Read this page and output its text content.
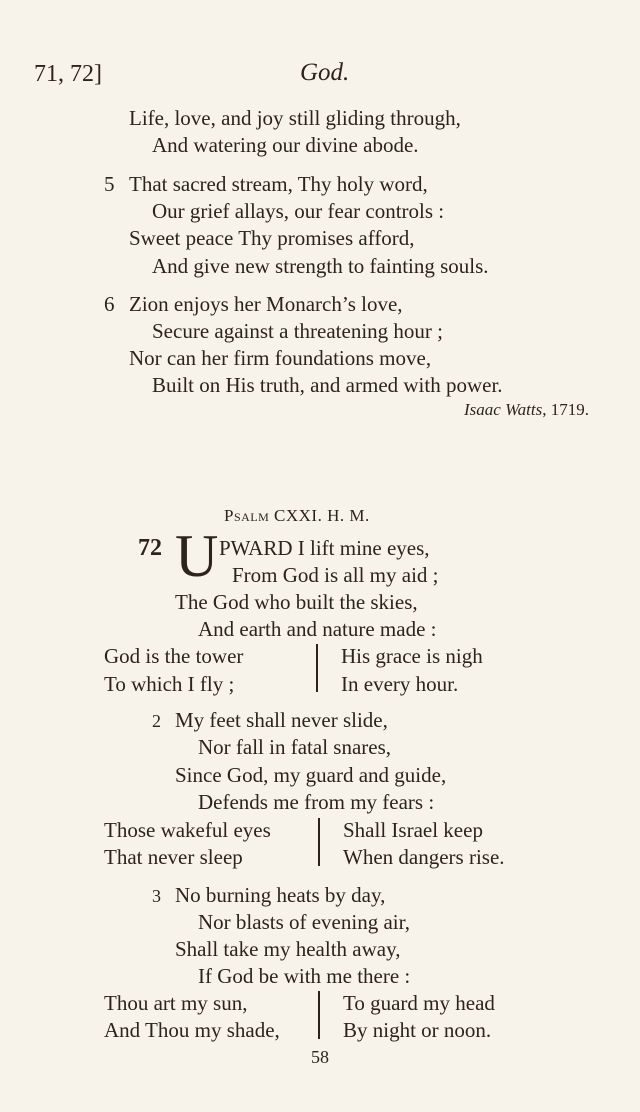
71, 72]	God.
Life, love, and joy still gliding through,
And watering our divine abode.
5 That sacred stream, Thy holy word,
Our grief allays, our fear controls :
Sweet peace Thy promises afford,
And give new strength to fainting souls.
6 Zion enjoys her Monarch’s love,
Secure against a threatening hour ;
Nor can her firm foundations move,
Built on His truth, and armed with power.
Isaac Watts, 1719.
Psalm CXXI. H. M.
72 U PWARD I lift mine eyes,
From God is all my aid ;
The God who built the skies,
And earth and nature made :
God is the tower
To which I fly ;
His grace is nigh
In every hour.
2 My feet shall never slide,
Nor fall in fatal snares,
Since God, my guard and guide,
Defends me from my fears :
Those wakeful eyes
That never sleep
Shall Israel keep
When dangers rise.
3 No burning heats by day,
Nor blasts of evening air,
Shall take my health away,
If God be with me there :
Thou art my sun,
And Thou my shade,
To guard my head
By night or noon.
58
